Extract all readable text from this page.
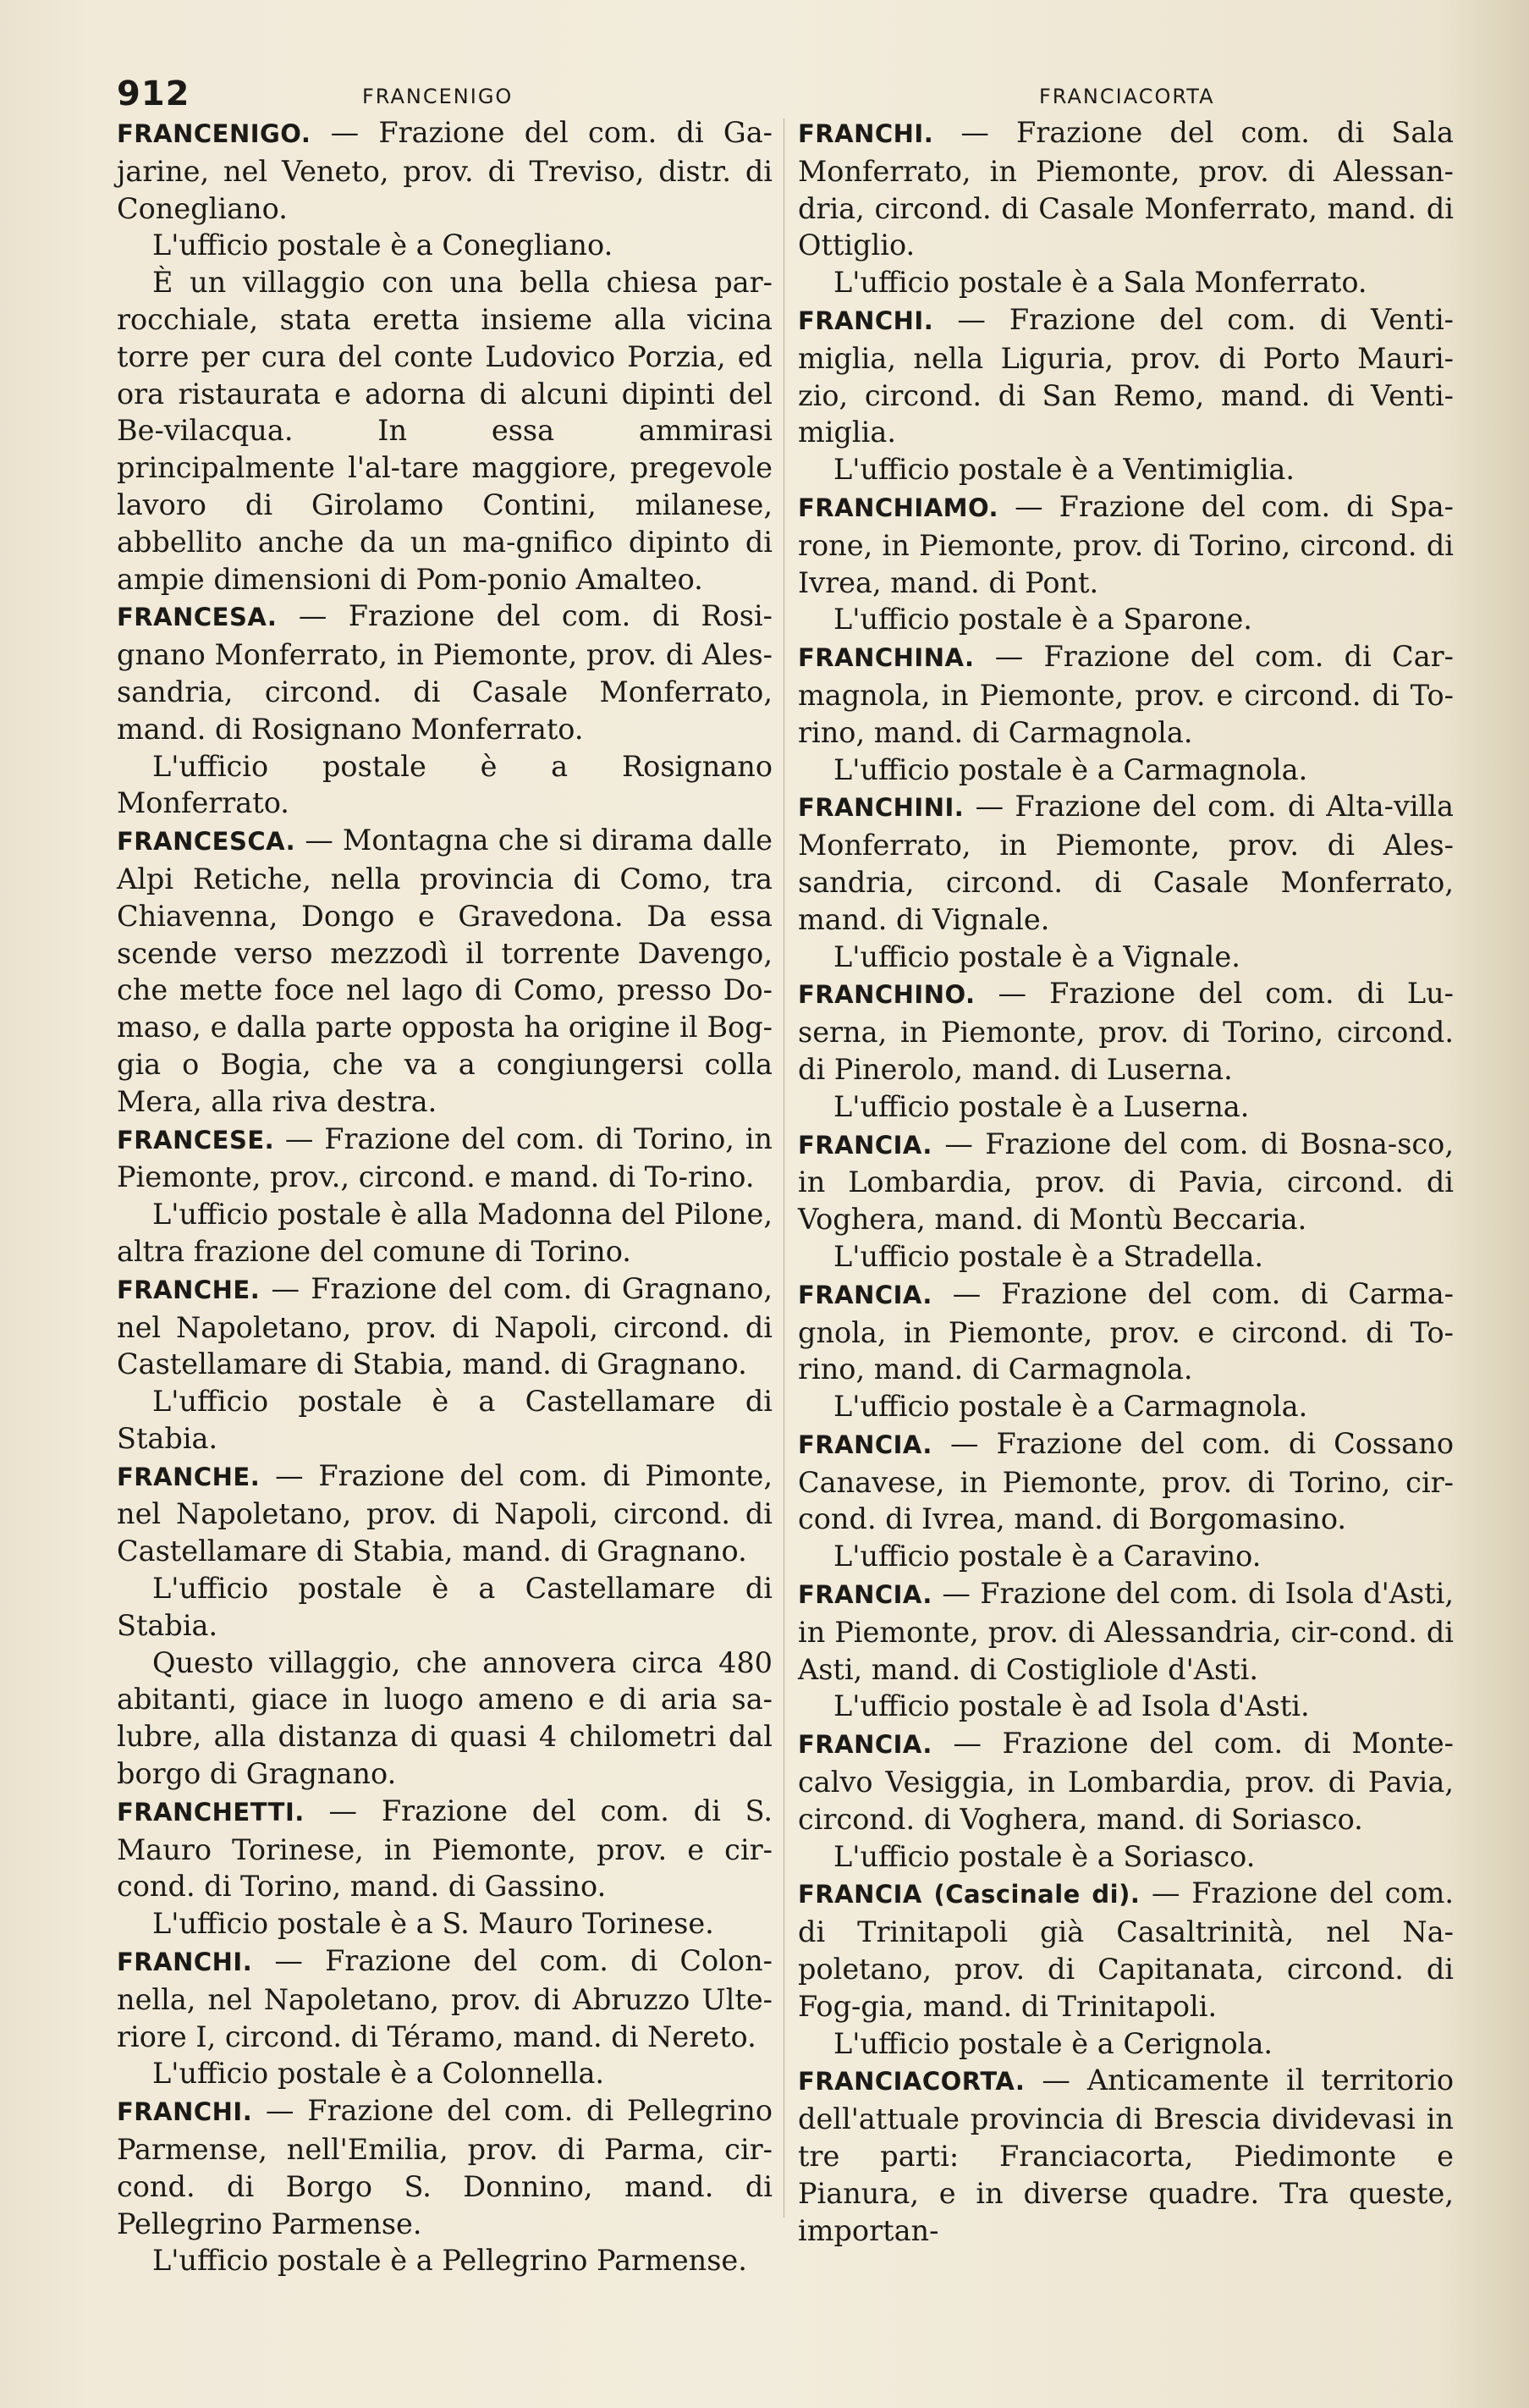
912	FRANCENIGO	FRANCIACORTA

FRANCENIGO. — Frazione del com. di Ga-jarine, nel Veneto, prov. di Treviso, distr. di Conegliano.

L'ufficio postale è a Conegliano.

È un villaggio con una bella chiesa par-rocchiale, stata eretta insieme alla vicina torre per cura del conte Ludovico Porzia, ed ora ristaurata e adorna di alcuni dipinti del Be-vilacqua. In essa ammirasi principalmente l'al-tare maggiore, pregevole lavoro di Girolamo Contini, milanese, abbellito anche da un ma-gnifico dipinto di ampie dimensioni di Pom-ponio Amalteo.

FRANCESA. — Frazione del com. di Rosi-gnano Monferrato, in Piemonte, prov. di Ales-sandria, circond. di Casale Monferrato, mand. di Rosignano Monferrato.

L'ufficio postale è a Rosignano Monferrato.

FRANCESCA. — Montagna che si dirama dalle Alpi Retiche, nella provincia di Como, tra Chiavenna, Dongo e Gravedona. Da essa scende verso mezzodì il torrente Davengo, che mette foce nel lago di Como, presso Do-maso, e dalla parte opposta ha origine il Bog-gia o Bogia, che va a congiungersi colla Mera, alla riva destra.

FRANCESE. — Frazione del com. di Torino, in Piemonte, prov., circond. e mand. di To-rino.

L'ufficio postale è alla Madonna del Pilone, altra frazione del comune di Torino.

FRANCHE. — Frazione del com. di Gragnano, nel Napoletano, prov. di Napoli, circond. di Castellamare di Stabia, mand. di Gragnano.

L'ufficio postale è a Castellamare di Stabia.

FRANCHE. — Frazione del com. di Pimonte, nel Napoletano, prov. di Napoli, circond. di Castellamare di Stabia, mand. di Gragnano.

L'ufficio postale è a Castellamare di Stabia.

Questo villaggio, che annovera circa 480 abitanti, giace in luogo ameno e di aria sa-lubre, alla distanza di quasi 4 chilometri dal borgo di Gragnano.

FRANCHETTI. — Frazione del com. di S. Mauro Torinese, in Piemonte, prov. e cir-cond. di Torino, mand. di Gassino.

L'ufficio postale è a S. Mauro Torinese.

FRANCHI. — Frazione del com. di Colon-nella, nel Napoletano, prov. di Abruzzo Ulte-riore I, circond. di Téramo, mand. di Nereto.

L'ufficio postale è a Colonnella.

FRANCHI. — Frazione del com. di Pellegrino Parmense, nell'Emilia, prov. di Parma, cir-cond. di Borgo S. Donnino, mand. di Pellegrino Parmense.

L'ufficio postale è a Pellegrino Parmense.

FRANCHI. — Frazione del com. di Sala Monferrato, in Piemonte, prov. di Alessan-dria, circond. di Casale Monferrato, mand. di Ottiglio.

L'ufficio postale è a Sala Monferrato.

FRANCHI. — Frazione del com. di Venti-miglia, nella Liguria, prov. di Porto Mauri-zio, circond. di San Remo, mand. di Venti-miglia.

L'ufficio postale è a Ventimiglia.

FRANCHIAMO. — Frazione del com. di Spa-rone, in Piemonte, prov. di Torino, circond. di Ivrea, mand. di Pont.

L'ufficio postale è a Sparone.

FRANCHINA. — Frazione del com. di Car-magnola, in Piemonte, prov. e circond. di To-rino, mand. di Carmagnola.

L'ufficio postale è a Carmagnola.

FRANCHINI. — Frazione del com. di Alta-villa Monferrato, in Piemonte, prov. di Ales-sandria, circond. di Casale Monferrato, mand. di Vignale.

L'ufficio postale è a Vignale.

FRANCHINO. — Frazione del com. di Lu-serna, in Piemonte, prov. di Torino, circond. di Pinerolo, mand. di Luserna.

L'ufficio postale è a Luserna.

FRANCIA. — Frazione del com. di Bosna-sco, in Lombardia, prov. di Pavia, circond. di Voghera, mand. di Montù Beccaria.

L'ufficio postale è a Stradella.

FRANCIA. — Frazione del com. di Carma-gnola, in Piemonte, prov. e circond. di To-rino, mand. di Carmagnola.

L'ufficio postale è a Carmagnola.

FRANCIA. — Frazione del com. di Cossano Canavese, in Piemonte, prov. di Torino, cir-cond. di Ivrea, mand. di Borgomasino.

L'ufficio postale è a Caravino.

FRANCIA. — Frazione del com. di Isola d'Asti, in Piemonte, prov. di Alessandria, cir-cond. di Asti, mand. di Costigliole d'Asti.

L'ufficio postale è ad Isola d'Asti.

FRANCIA. — Frazione del com. di Monte-calvo Vesiggia, in Lombardia, prov. di Pavia, circond. di Voghera, mand. di Soriasco.

L'ufficio postale è a Soriasco.

FRANCIA (Cascinale di). — Frazione del com. di Trinitapoli già Casaltrinità, nel Na-poletano, prov. di Capitanata, circond. di Fog-gia, mand. di Trinitapoli.

L'ufficio postale è a Cerignola.

FRANCIACORTA. — Anticamente il territorio dell'attuale provincia di Brescia dividevasi in tre parti: Franciacorta, Piedimonte e Pianura, e in diverse quadre. Tra queste, importan-
